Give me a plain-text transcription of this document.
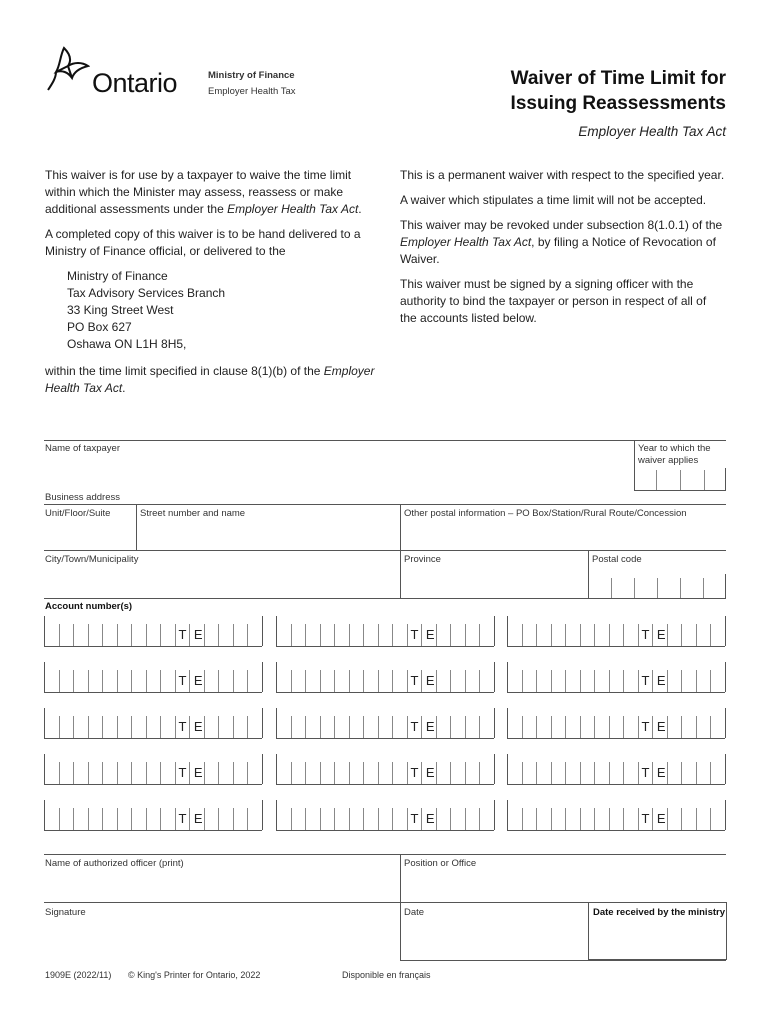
Ontario	Ministry of Finance
Employer Health Tax
Waiver of Time Limit for
Issuing Reassessments
Employer Health Tax Act

This waiver is for use by a taxpayer to waive the time limit within which the Minister may assess, reassess or make additional assessments under the Employer Health Tax Act.

A completed copy of this waiver is to be hand delivered to a Ministry of Finance official, or delivered to the

Ministry of Finance
Tax Advisory Services Branch
33 King Street West
PO Box 627
Oshawa ON L1H 8H5,

within the time limit specified in clause 8(1)(b) of the Employer Health Tax Act.

This is a permanent waiver with respect to the specified year.

A waiver which stipulates a time limit will not be accepted.

This waiver may be revoked under subsection 8(1.0.1) of the Employer Health Tax Act, by filing a Notice of Revocation of Waiver.

This waiver must be signed by a signing officer with the authority to bind the taxpayer or person in respect of all of the accounts listed below.

Name of taxpayer	Year to which the waiver applies
Business address
Unit/Floor/Suite	Street number and name	Other postal information – PO Box/Station/Rural Route/Concession
City/Town/Municipality	Province	Postal code
Account number(s)
T E	T E	T E
T E	T E	T E
T E	T E	T E
T E	T E	T E
T E	T E	T E
Name of authorized officer (print)	Position or Office
Signature	Date	Date received by the ministry
1909E (2022/11) © King's Printer for Ontario, 2022	Disponible en français
